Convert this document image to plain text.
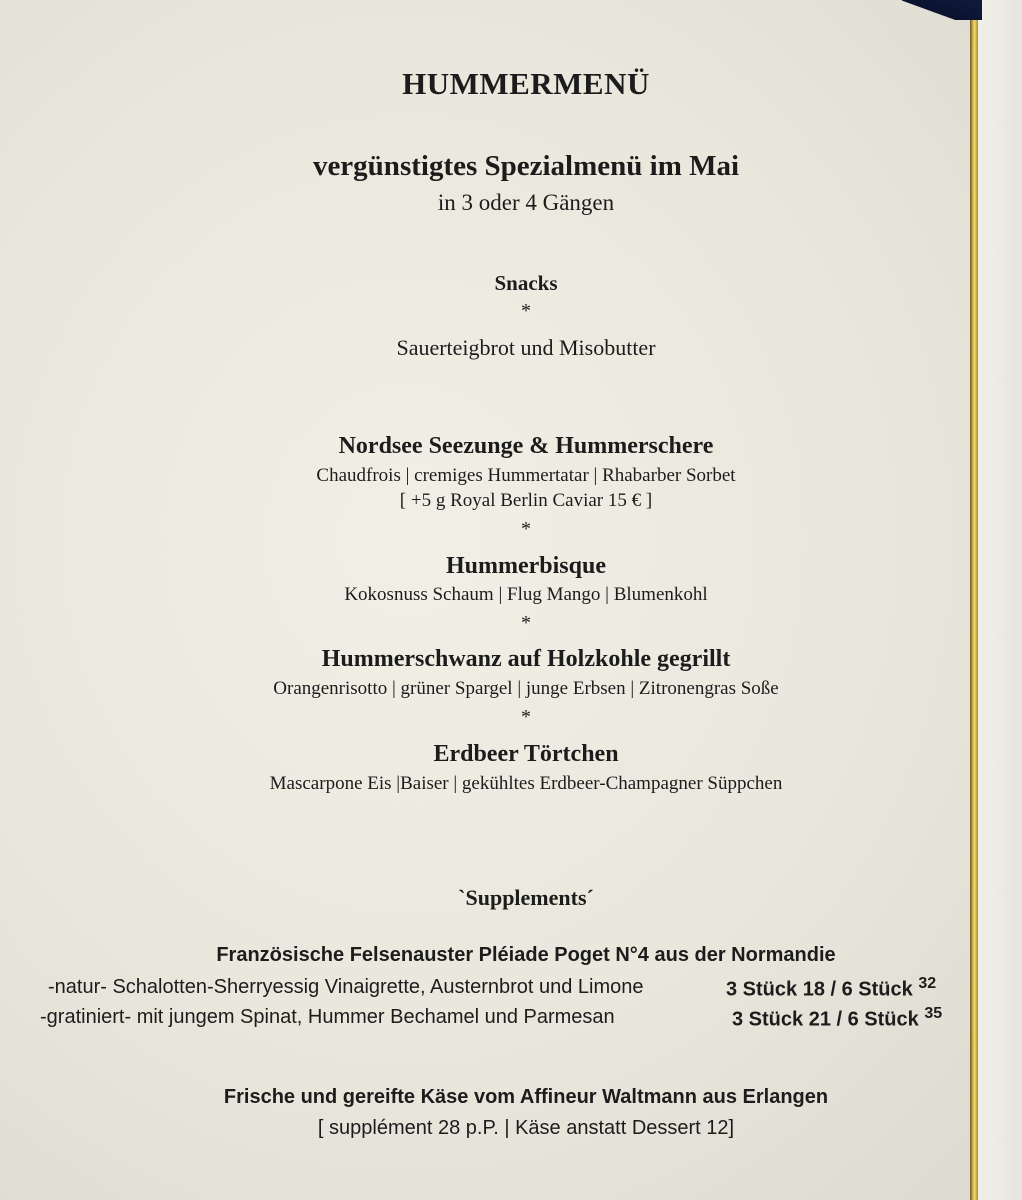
HUMMERMENÜ
vergünstigtes Spezialmenü im Mai
in 3 oder 4 Gängen
Snacks
*
Sauerteigbrot und Misobutter
Nordsee Seezunge & Hummerschere
Chaudfrois | cremiges Hummertatar | Rhabarber Sorbet
[ +5 g Royal Berlin Caviar 15 € ]
*
Hummerbisque
Kokosnuss Schaum | Flug Mango | Blumenkohl
*
Hummerschwanz auf Holzkohle gegrillt
Orangenrisotto | grüner Spargel | junge Erbsen | Zitronengras Soße
*
Erdbeer Törtchen
Mascarpone Eis |Baiser | gekühltes Erdbeer-Champagner Süppchen
`Supplements´
Französische Felsenauster Pléiade Poget N°4 aus der Normandie
-natur- Schalotten-Sherryessig Vinaigrette, Austernbrot und Limone	3 Stück 18 / 6 Stück $^{32}$
-gratiniert- mit jungem Spinat, Hummer Bechamel und Parmesan	3 Stück 21 / 6 Stück $^{35}$
Frische und gereifte Käse vom Affineur Waltmann aus Erlangen
[ supplément 28 p.P. | Käse anstatt Dessert 12]
